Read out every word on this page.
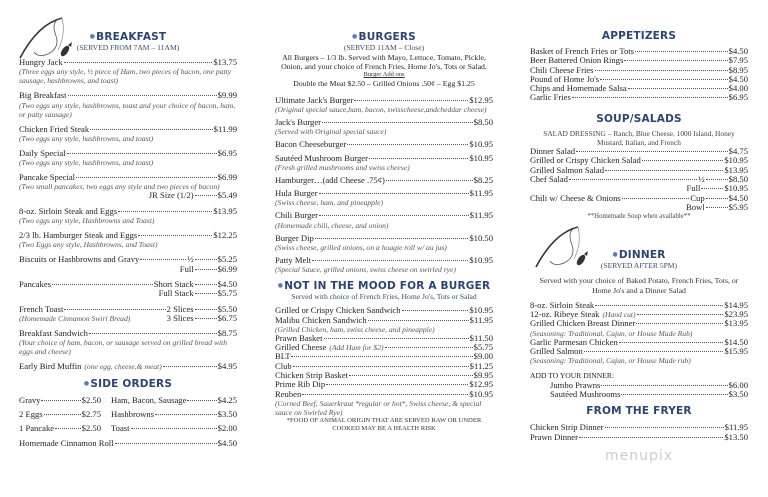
●BREAKFAST
(SERVED FROM 7AM – 11AM)
Hungry Jack	$13.75
(Three eggs any style, ½ piece of Ham, two pieces of bacon, one patty sausage, hashbrowns, and toast)
Big Breakfast	$9.99
(Two eggs any style, hashbrowns, toast and your choice of bacon, ham, or patty sausage)
Chicken Fried Steak	$11.99
(Two eggs any style, hashbrowns, and toast)
Daily Special	$6.95
(Two eggs any style, hashbrowns, and toast)
Pancake Special	$6.99
(Two small pancakes, two eggs any style and two pieces of bacon)
JR Size (1/2)	$5.49
8-oz. Sirloin Steak and Eggs	$13.95
(Two eggs any style, Hashbrowns and Toast)
2/3 lb. Hamburger Steak and Eggs	$12.25
(Two Eggs any style, Hashbrowns, and Toast)
Biscuits or Hashbrowns and Gravy	½	$5.25
Full	$6.99
Pancakes	Short Stack	$4.50
Full Stack	$5.75
French Toast	2 Slices	$5.50
(Homemade Cinnamon Swirl Bread)	3 Slices	$6.75
Breakfast Sandwich	$8.75
(Your choice of ham, bacon, or sausage served on grilled bread with eggs and cheese)
Early Bird Muffin (one egg, cheese,& meat)	$4.95
●SIDE ORDERS
Gravy	$2.50 Ham, Bacon, Sausage	$4.25
2 Eggs	$2.75 Hashbrowns	$3.50
1 Pancake	$2.50 Toast	$2.00
Homemade Cinnamon Roll	$4.50
●BURGERS
(SERVED 11AM – Close)
All Burgers – 1/3 lb. Served with Mayo, Lettuce, Tomato, Pickle, Onion, and your choice of French Fries, Home Jo's, Tots or Salad.
Burger Add ons
Double the Meat $2.50 – Grilled Onions .50¢ – Egg $1.25
Ultimate Jack's Burger	$12.95
(Original special sauce,ham, bacon, swisscheese,andcheddar cheese)
Jack's Burger	$8.50
(Served with Original special sauce)
Bacon Cheeseburger	$10.95
Sautéed Mushroom Burger	$10.95
(Fresh grilled mushrooms and swiss cheese)
Hamburger…(add Cheese .75¢)	$8.25
Hula Burger	$11.95
(Swiss cheese, ham, and pineapple)
Chili Burger	$11.95
(Homemade chili, cheese, and onion)
Burger Dip	$10.50
(Swiss cheese, grilled onions, on a hoagie roll w/ au jus)
Patty Melt	$10.95
(Special Sauce, grilled onions, swiss cheese on swirled rye)
●NOT IN THE MOOD FOR A BURGER
Served with choice of French Fries, Home Jo's, Tots or Salad
Grilled or Crispy Chicken Sandwich	$10.95
Malibu Chicken Sandwich	$11.95
(Grilled Chicken, ham, swiss cheese, and pineapple)
Prawn Basket	$11.50
Grilled Cheese (Add Ham for $2)	$5.75
BLT	$9.00
Club	$11.25
Chicken Strip Basket	$9.95
Prime Rib Dip	$12.95
Reuben	$10.95
(Corned Beef, Sauerkraut *regular or hot*, Swiss cheese, & special sauce on Swirled Rye)
*FOOD OF ANIMAL ORIGIN THAT ARE SERVED RAW OR UNDER COOKED MAY BE A HEALTH RISK
APPETIZERS
Basket of French Fries or Tots	$4.50
Beer Battered Onion Rings	$7.95
Chili Cheese Fries	$8.95
Pound of Home Jo's	$4.50
Chips and Homemade Salsa	$4.00
Garlic Fries	$6.95
SOUP/SALADS
SALAD DRESSING – Ranch, Blue Cheese, 1000 Island, Honey Mustard, Italian, and French
Dinner Salad	$4.75
Grilled or Crispy Chicken Salad	$10.95
Grilled Salmon Salad	$13.95
Chef Salad	½	$8.50
Full	$10.95
Chili w/ Cheese & Onions	Cup	$4.50
Bowl	$5.95
**Homemade Soup when available**
●DINNER
(SERVED AFTER 5PM)
Served with your choice of Baked Potato, French Fries, Tots, or Home Jo's and a Dinner Salad
8-oz. Sirloin Steak	$14.95
12-oz. Ribeye Steak (Hand cut)	$23.95
Grilled Chicken Breast Dinner	$13.95
(Seasoning: Traditional, Cajun, or House Made Rub)
Garlic Parmesan Chicken	$14.50
Grilled Salmon	$15.95
(Seasoning: Traditional, Cajun, or House Made rub)
ADD TO YOUR DINNER:
Jumbo Prawns	$6.00
Sautéed Mushrooms	$3.50
FROM THE FRYER
Chicken Strip Dinner	$11.95
Prawn Dinner	$13.50
menupix
